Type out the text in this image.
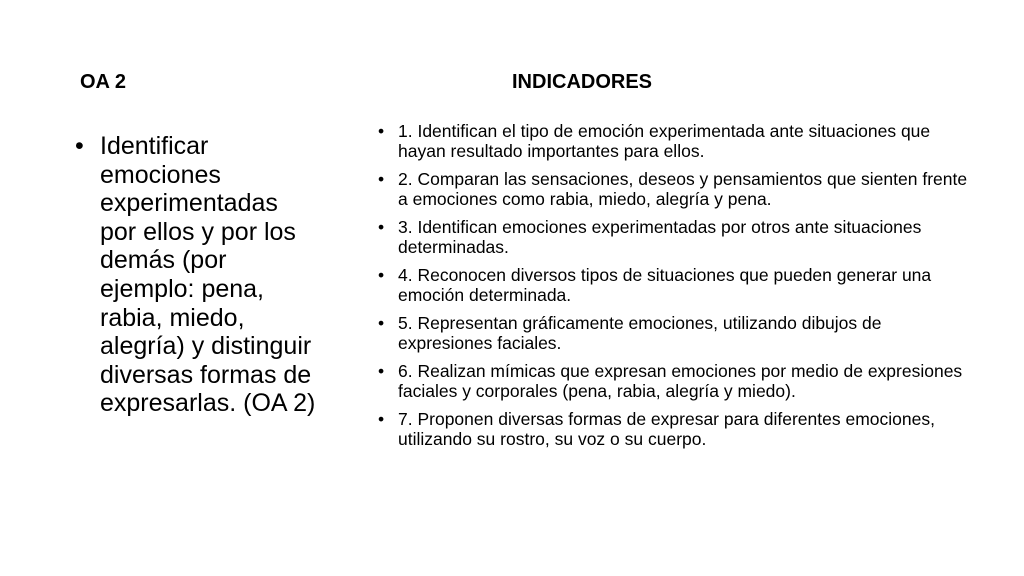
OA 2	INDICADORES
• Identificar emociones experimentadas por ellos y por los demás (por ejemplo: pena, rabia, miedo, alegría) y distinguir diversas formas de expresarlas. (OA 2)
• 1. Identifican el tipo de emoción experimentada ante situaciones que hayan resultado importantes para ellos.
• 2. Comparan las sensaciones, deseos y pensamientos que sienten frente a emociones como rabia, miedo, alegría y pena.
• 3. Identifican emociones experimentadas por otros ante situaciones determinadas.
• 4. Reconocen diversos tipos de situaciones que pueden generar una emoción determinada.
• 5. Representan gráficamente emociones, utilizando dibujos de expresiones faciales.
• 6. Realizan mímicas que expresan emociones por medio de expresiones faciales y corporales (pena, rabia, alegría y miedo).
• 7. Proponen diversas formas de expresar para diferentes emociones, utilizando su rostro, su voz o su cuerpo.
